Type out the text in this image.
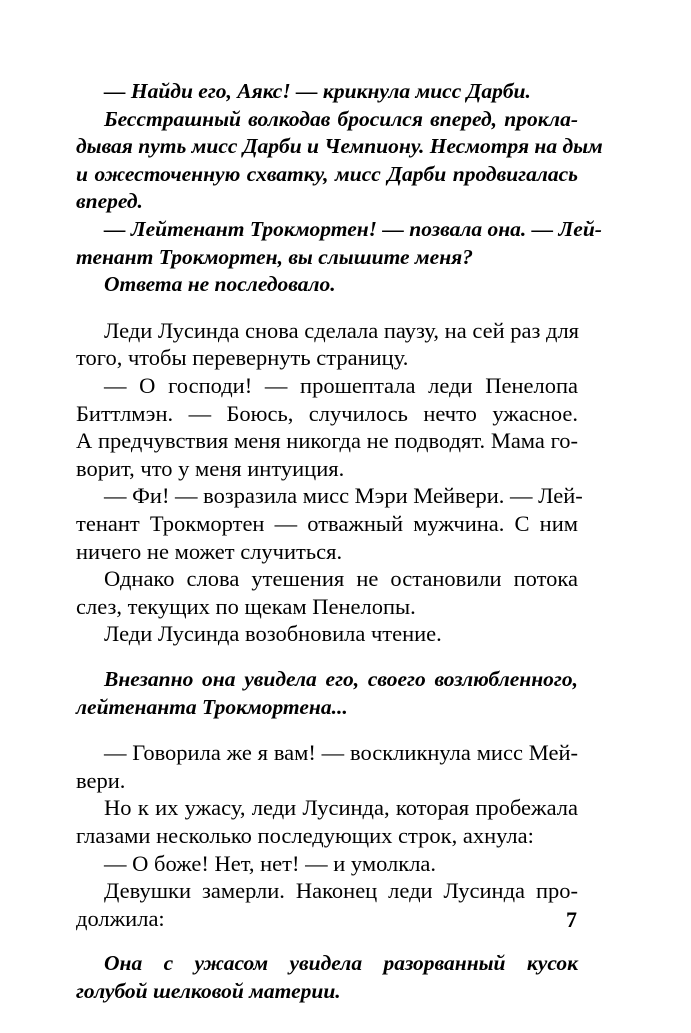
— Найди его, Аякс! — крикнула мисс Дарби.
Бесстрашный волкодав бросился вперед, прокла-
дывая путь мисс Дарби и Чемпиону. Несмотря на дым
и ожесточенную схватку, мисс Дарби продвигалась
вперед.
— Лейтенант Трокмортен! — позвала она. — Лей-
тенант Трокмортен, вы слышите меня?
Ответа не последовало.
Леди Лусинда снова сделала паузу, на сей раз для
того, чтобы перевернуть страницу.
— О господи! — прошептала леди Пенелопа
Биттлмэн. — Боюсь, случилось нечто ужасное.
А предчувствия меня никогда не подводят. Мама го-
ворит, что у меня интуиция.
— Фи! — возразила мисс Мэри Мейвери. — Лей-
тенант Трокмортен — отважный мужчина. С ним
ничего не может случиться.
Однако слова утешения не остановили потока
слез, текущих по щекам Пенелопы.
Леди Лусинда возобновила чтение.
Внезапно она увидела его, своего возлюбленного,
лейтенанта Трокмортена...
— Говорила же я вам! — воскликнула мисс Мей-
вери.
Но к их ужасу, леди Лусинда, которая пробежала
глазами несколько последующих строк, ахнула:
— О боже! Нет, нет! — и умолкла.
Девушки замерли. Наконец леди Лусинда про-
должила:
Она с ужасом увидела разорванный кусок
голубой шелковой материи.
7
